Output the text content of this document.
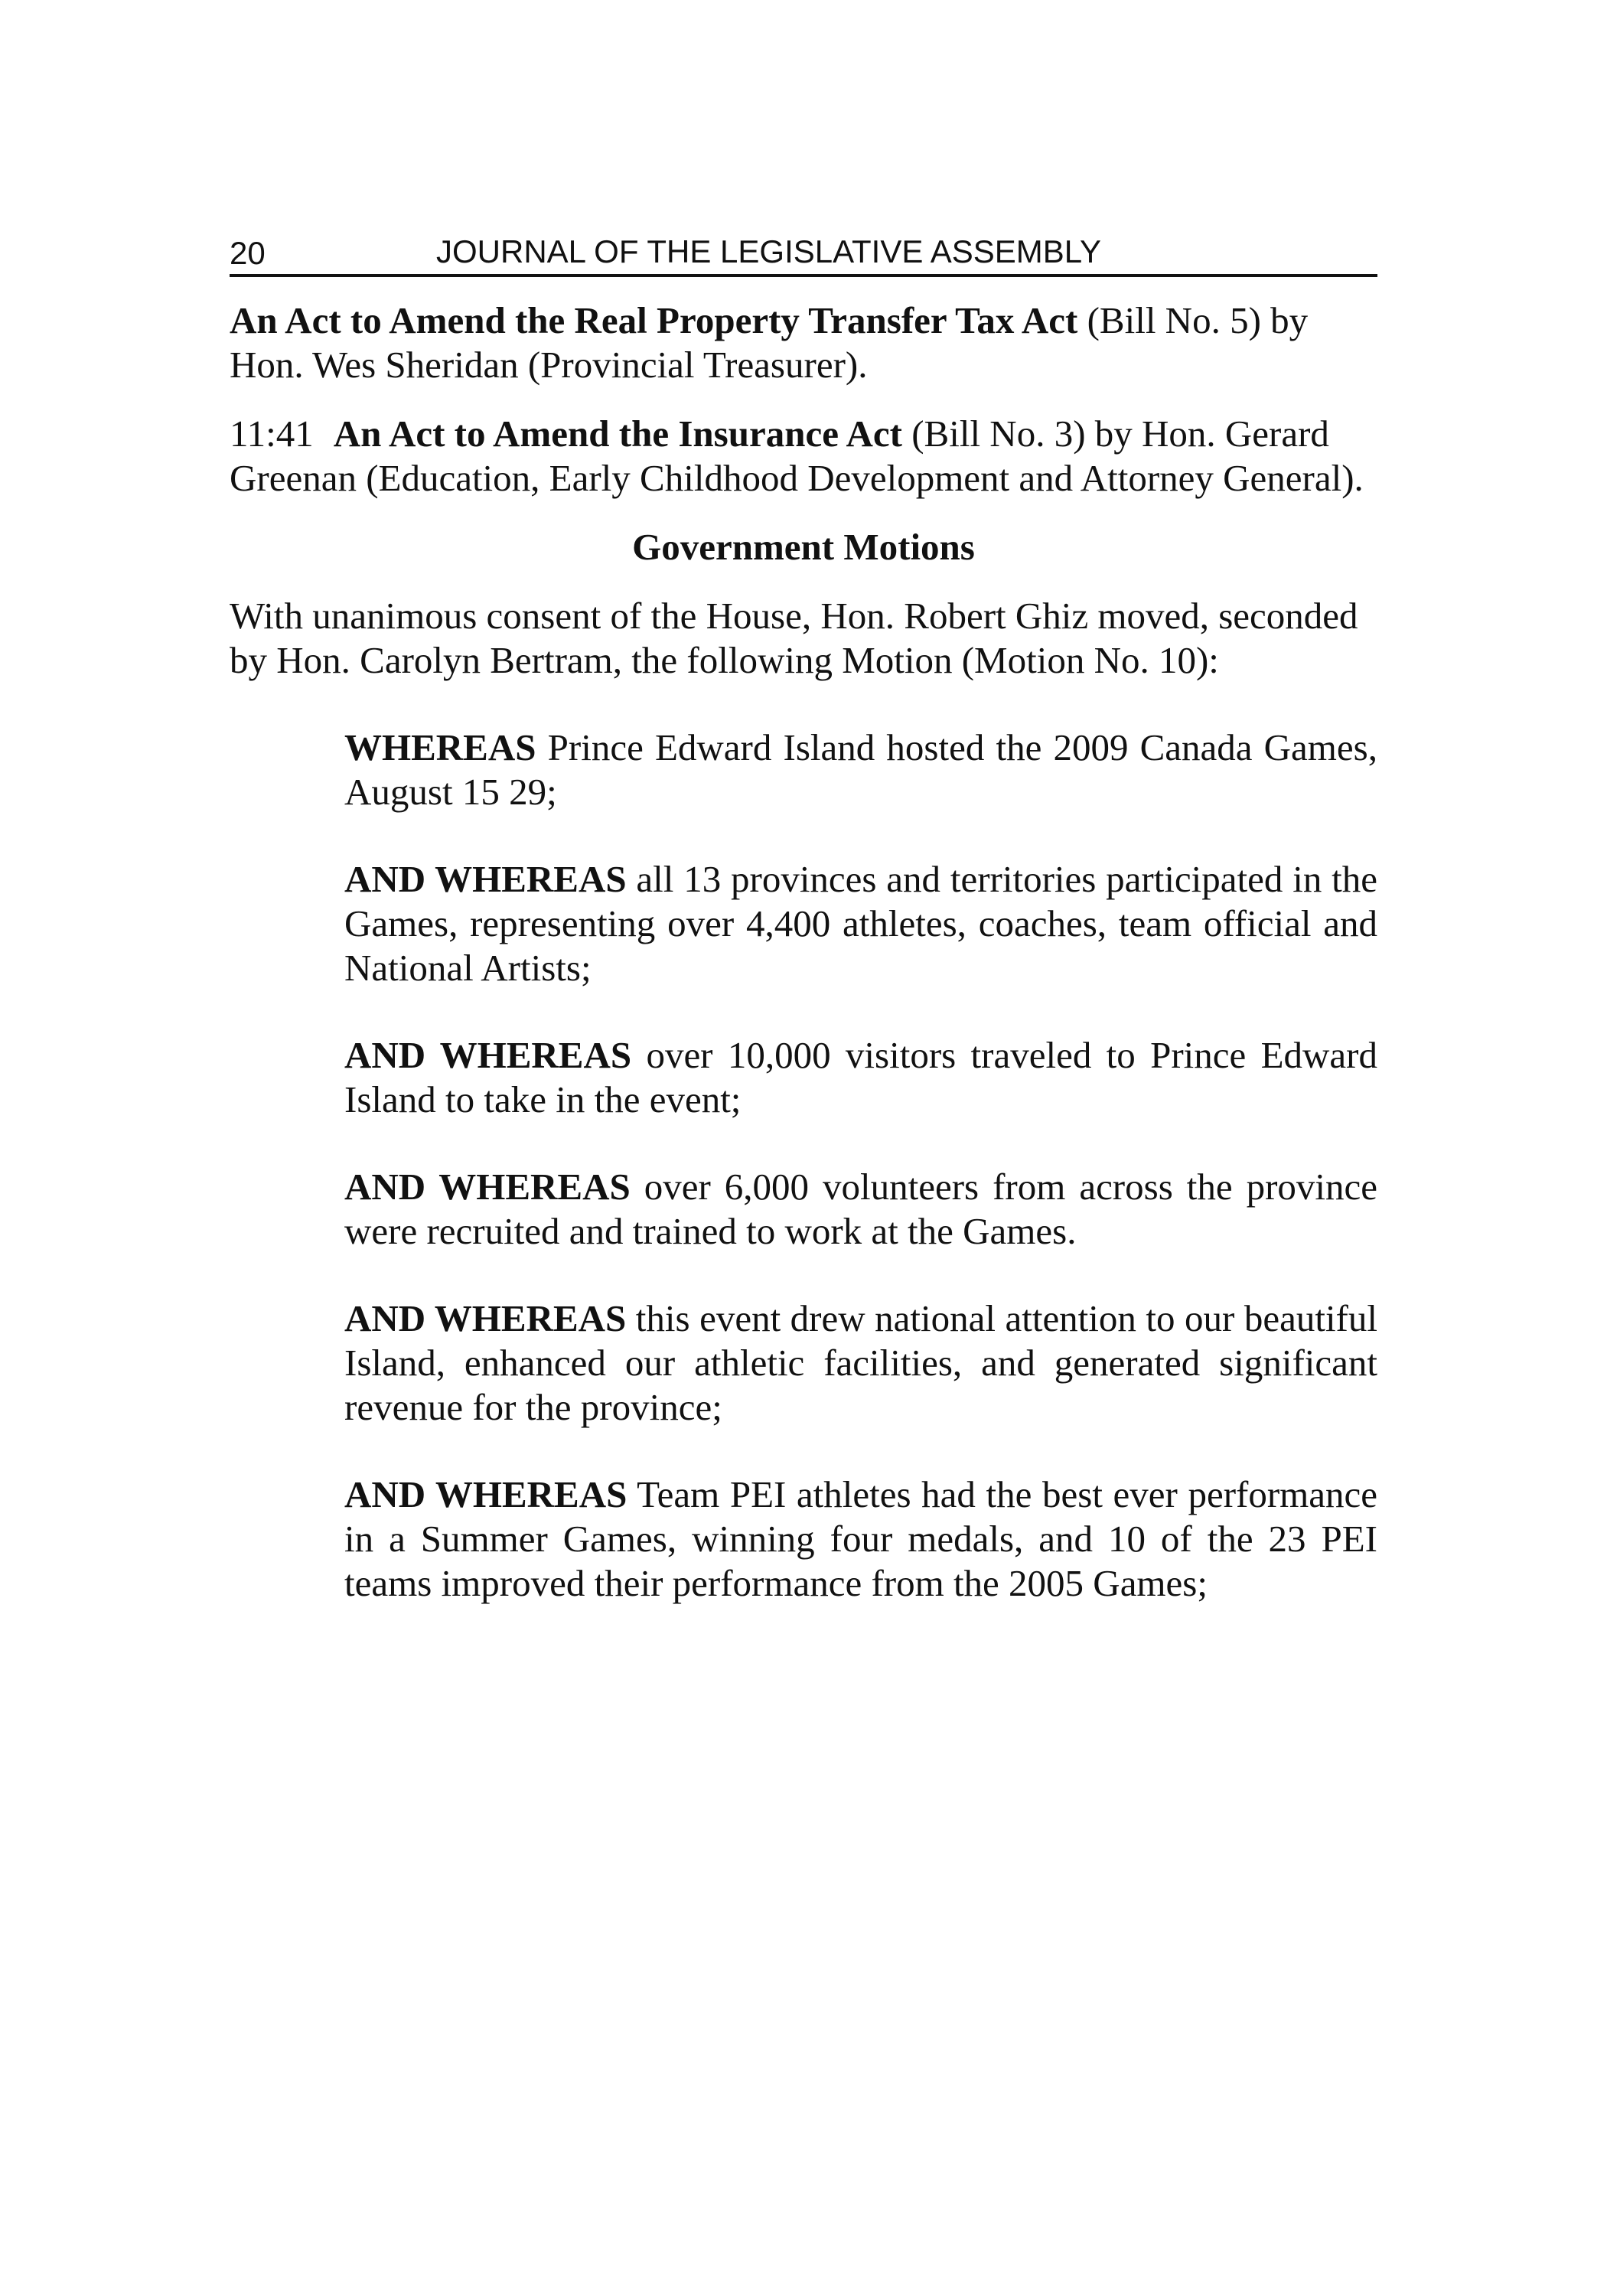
20	JOURNAL OF THE LEGISLATIVE ASSEMBLY

An Act to Amend the Real Property Transfer Tax Act (Bill No. 5) by Hon. Wes Sheridan (Provincial Treasurer).

11:41 An Act to Amend the Insurance Act (Bill No. 3) by Hon. Gerard Greenan (Education, Early Childhood Development and Attorney General).

Government Motions

With unanimous consent of the House, Hon. Robert Ghiz moved, seconded by Hon. Carolyn Bertram, the following Motion (Motion No. 10):

WHEREAS Prince Edward Island hosted the 2009 Canada Games, August 15 29;

AND WHEREAS all 13 provinces and territories participated in the Games, representing over 4,400 athletes, coaches, team official and National Artists;

AND WHEREAS over 10,000 visitors traveled to Prince Edward Island to take in the event;

AND WHEREAS over 6,000 volunteers from across the province were recruited and trained to work at the Games.

AND WHEREAS this event drew national attention to our beautiful Island, enhanced our athletic facilities, and generated significant revenue for the province;

AND WHEREAS Team PEI athletes had the best ever performance in a Summer Games, winning four medals, and 10 of the 23 PEI teams improved their performance from the 2005 Games;
